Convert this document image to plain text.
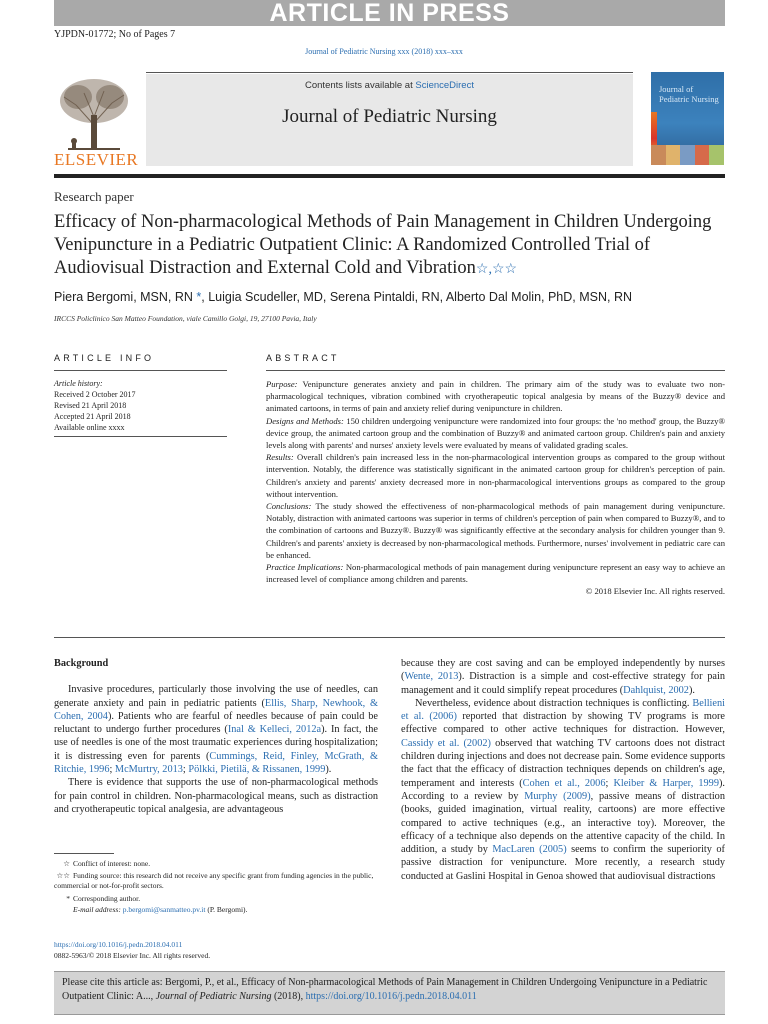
ARTICLE IN PRESS
YJPDN-01772; No of Pages 7
Journal of Pediatric Nursing xxx (2018) xxx–xxx
ELSEVIER
Contents lists available at ScienceDirect
Journal of Pediatric Nursing
Journal of Pediatric Nursing
Research paper
Efficacy of Non-pharmacological Methods of Pain Management in Children Undergoing Venipuncture in a Pediatric Outpatient Clinic: A Randomized Controlled Trial of Audiovisual Distraction and External Cold and Vibration☆,☆☆
Piera Bergomi, MSN, RN *, Luigia Scudeller, MD, Serena Pintaldi, RN, Alberto Dal Molin, PhD, MSN, RN
IRCCS Policlinico San Matteo Foundation, viale Camillo Golgi, 19, 27100 Pavia, Italy
ARTICLE INFO	ABSTRACT
Article history:
Received 2 October 2017
Revised 21 April 2018
Accepted 21 April 2018
Available online xxxx

Purpose: Venipuncture generates anxiety and pain in children. The primary aim of the study was to evaluate two non-pharmacological techniques, vibration combined with cryotherapeutic topical analgesia by means of the Buzzy® device and animated cartoons, in terms of pain and anxiety relief during venipuncture in children.

Designs and Methods: 150 children undergoing venipuncture were randomized into four groups: the 'no method' group, the Buzzy® device group, the animated cartoon group and the combination of Buzzy® and animated cartoon group. Children's pain and anxiety levels along with parents' and nurses' anxiety levels were evaluated by means of validated grading scales.

Results: Overall children's pain increased less in the non-pharmacological intervention groups as compared to the group without intervention. Notably, the difference was statistically significant in the animated cartoon group for children's perception of pain. Children's anxiety and parents' anxiety decreased more in non-pharmacological interventions groups as compared to the group without intervention.

Conclusions: The study showed the effectiveness of non-pharmacological methods of pain management during venipuncture. Notably, distraction with animated cartoons was superior in terms of children's perception of pain when compared to Buzzy®, and to the combination of cartoons and Buzzy®. Buzzy® was significantly effective at the secondary analysis for children younger than 9. Children's and parents' anxiety is decreased by non-pharmacological methods. Furthermore, nurses' involvement in pediatric care can be enhanced.

Practice Implications: Non-pharmacological methods of pain management during venipuncture represent an easy way to achieve an increased level of compliance among children and parents.

© 2018 Elsevier Inc. All rights reserved.

Background

Invasive procedures, particularly those involving the use of needles, can generate anxiety and pain in pediatric patients (Ellis, Sharp, Newhook, & Cohen, 2004). Patients who are fearful of needles because of pain could be reluctant to undergo further procedures (Inal & Kelleci, 2012a). In fact, the use of needles is one of the most traumatic experiences during hospitalization; it is distressing even for parents (Cummings, Reid, Finley, McGrath, & Ritchie, 1996; McMurtry, 2013; Pölkki, Pietilä, & Rissanen, 1999).

There is evidence that supports the use of non-pharmacological methods for pain control in children. Non-pharmacological means, such as distraction and cryotherapeutic topical analgesia, are advantageous

because they are cost saving and can be employed independently by nurses (Wente, 2013). Distraction is a simple and cost-effective strategy for pain management and it could simplify repeat procedures (Dahlquist, 2002).

Nevertheless, evidence about distraction techniques is conflicting. Bellieni et al. (2006) reported that distraction by showing TV programs is more effective compared to other active techniques for distraction. However, Cassidy et al. (2002) observed that watching TV cartoons does not distract children during injections and does not decrease pain. Some evidence supports the fact that the efficacy of distraction techniques depends on children's age, temperament and interests (Cohen et al., 2006; Kleiber & Harper, 1999). According to a review by Murphy (2009), passive means of distraction (books, guided imagination, virtual reality, cartoons) are more effective compared to active techniques (e.g., an interactive toy). Moreover, the efficacy of a technique also depends on the attentive capacity of the child. In addition, a study by MacLaren (2005) seems to confirm the superiority of passive distraction for venipuncture. More recently, a research study conducted at Gaslini Hospital in Genoa showed that audiovisual distractions

☆ Conflict of interest: none.
☆☆ Funding source: this research did not receive any specific grant from funding agencies in the public, commercial or not-for-profit sectors.
* Corresponding author.
E-mail address: p.bergomi@sanmatteo.pv.it (P. Bergomi).
https://doi.org/10.1016/j.pedn.2018.04.011
0882-5963/© 2018 Elsevier Inc. All rights reserved.
Please cite this article as: Bergomi, P., et al., Efficacy of Non-pharmacological Methods of Pain Management in Children Undergoing Venipuncture in a Pediatric Outpatient Clinic: A..., Journal of Pediatric Nursing (2018), https://doi.org/10.1016/j.pedn.2018.04.011
